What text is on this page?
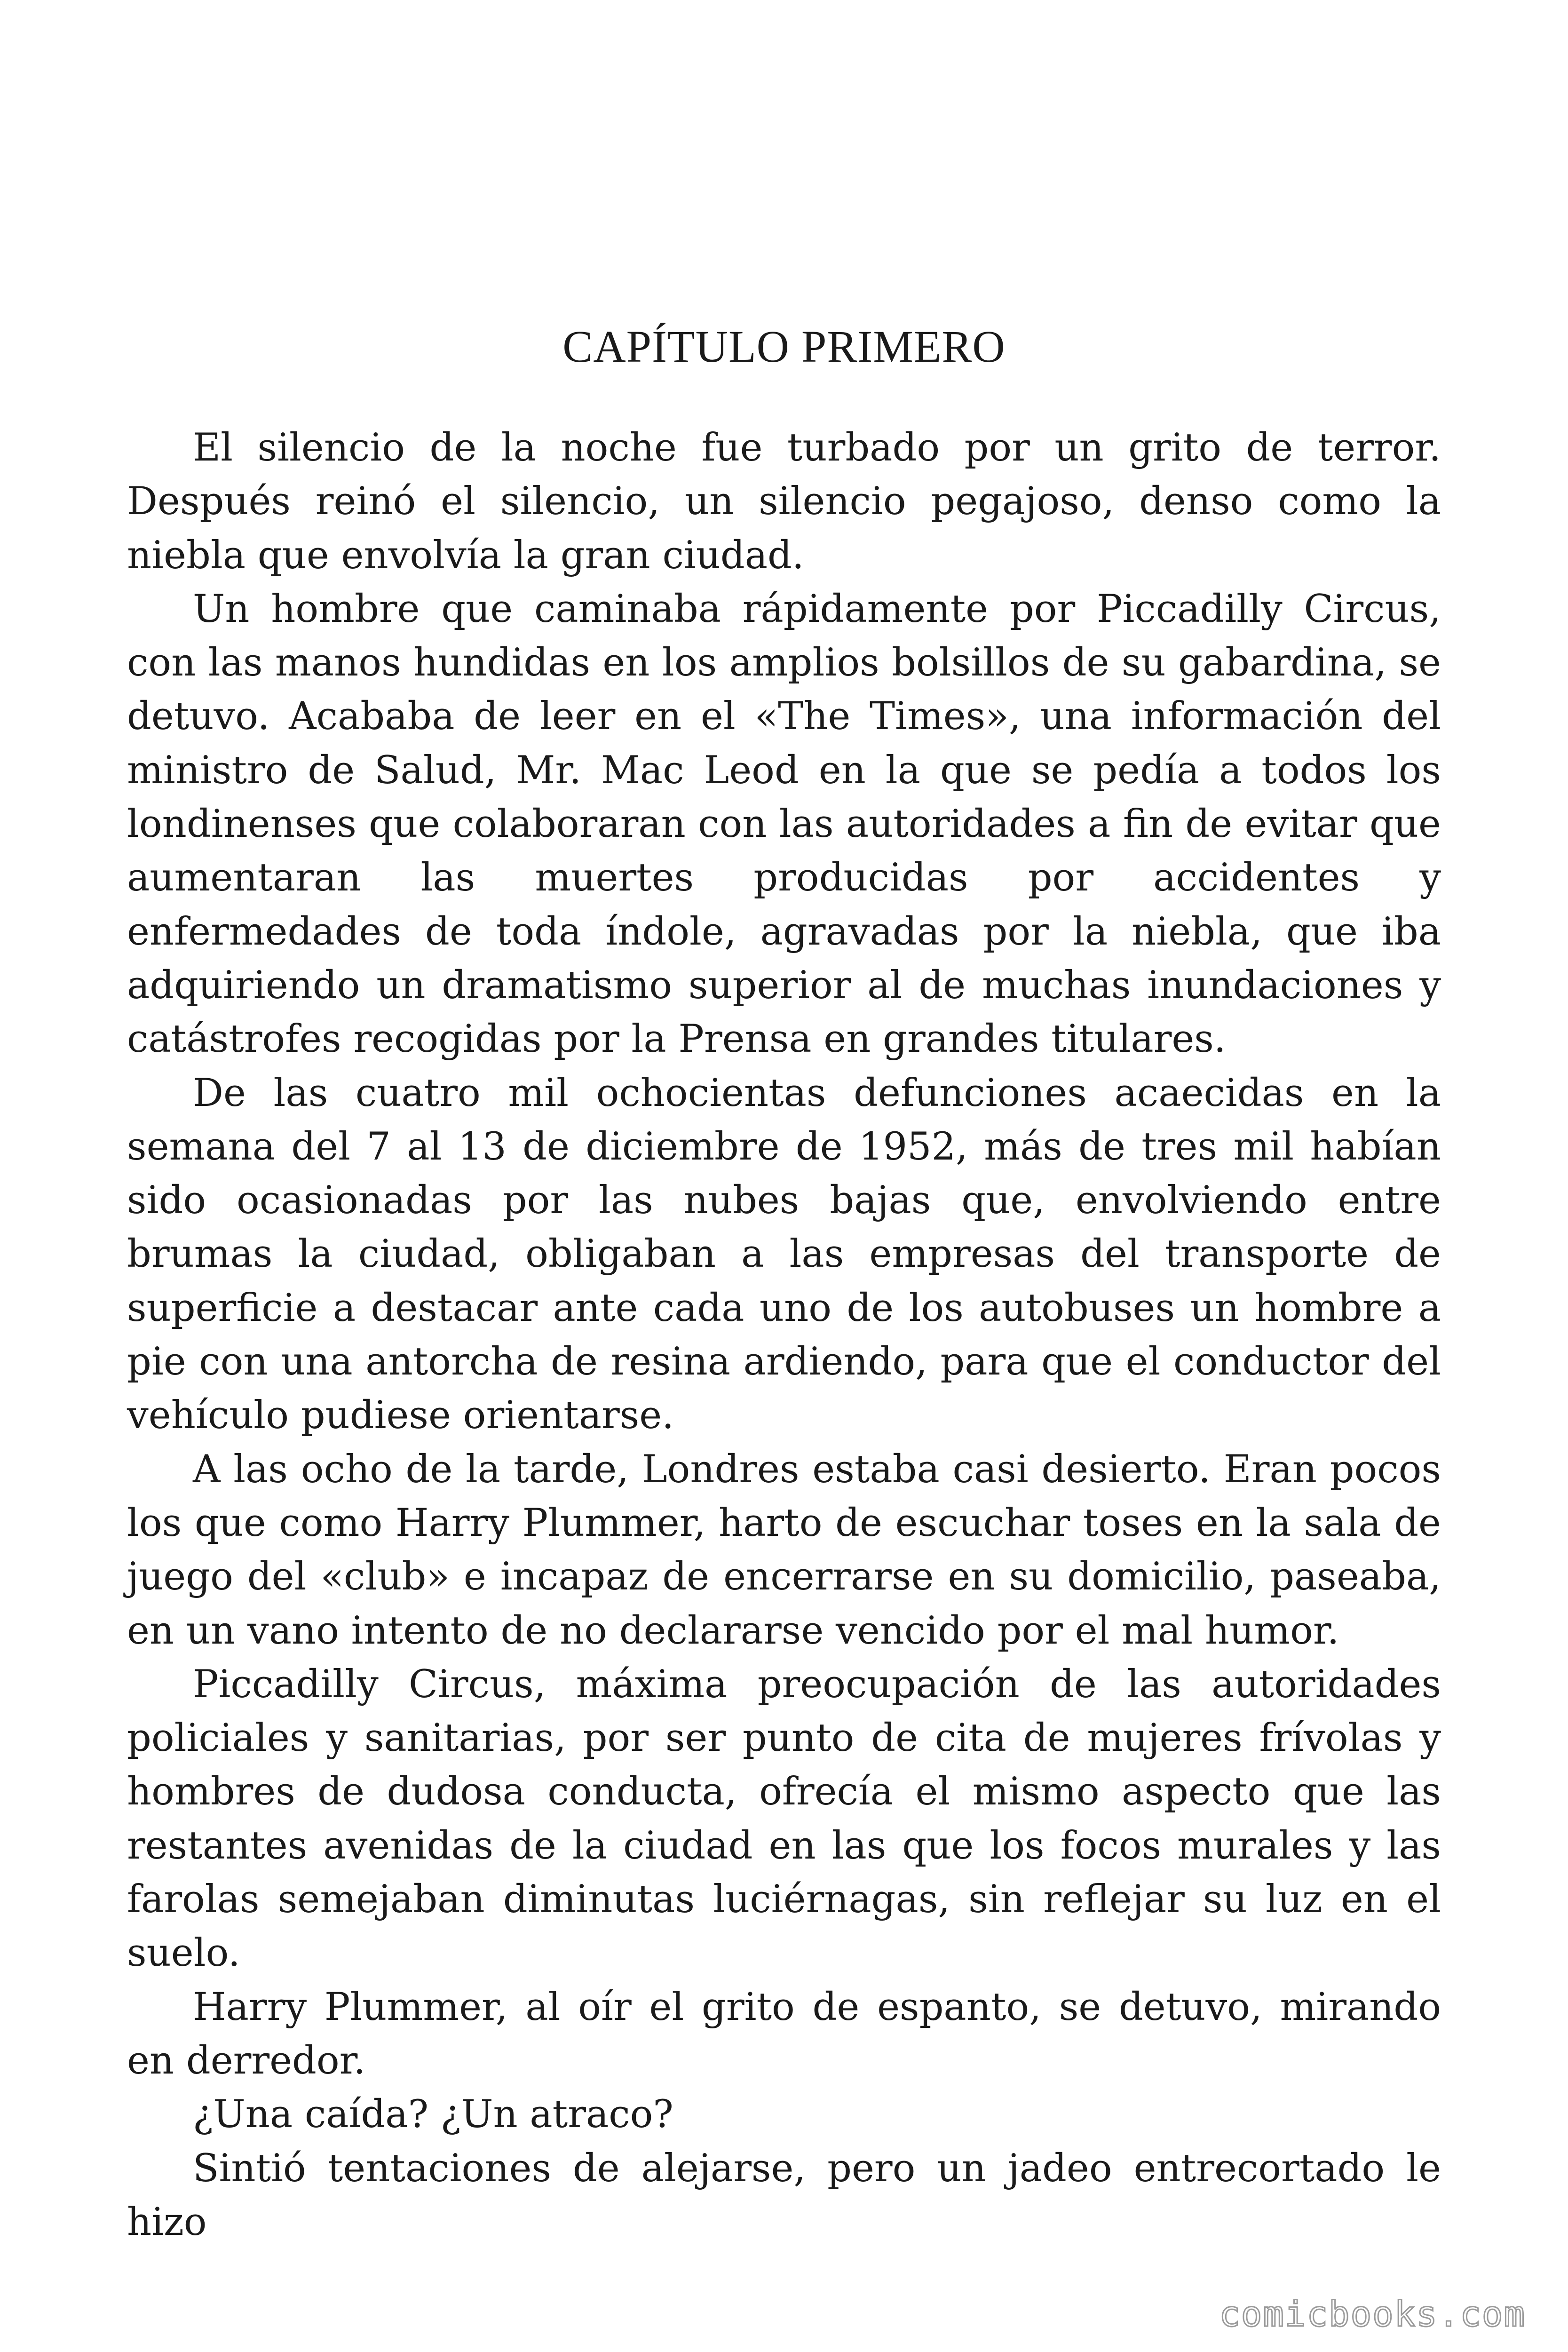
CAPÍTULO PRIMERO

El silencio de la noche fue turbado por un grito de terror. Después reinó el silencio, un silencio pegajoso, denso como la niebla que envolvía la gran ciudad.

Un hombre que caminaba rápidamente por Piccadilly Circus, con las manos hundidas en los amplios bolsillos de su gabardina, se detuvo. Acababa de leer en el «The Times», una información del ministro de Salud, Mr. Mac Leod en la que se pedía a todos los londinenses que colaboraran con las autoridades a fin de evitar que aumentaran las muertes producidas por accidentes y enfermedades de toda índole, agravadas por la niebla, que iba adquiriendo un dramatismo superior al de muchas inundaciones y catástrofes recogidas por la Prensa en grandes titulares.

De las cuatro mil ochocientas defunciones acaecidas en la semana del 7 al 13 de diciembre de 1952, más de tres mil habían sido ocasionadas por las nubes bajas que, envolviendo entre brumas la ciudad, obligaban a las empresas del transporte de superficie a destacar ante cada uno de los autobuses un hombre a pie con una antorcha de resina ardiendo, para que el conductor del vehículo pudiese orientarse.

A las ocho de la tarde, Londres estaba casi desierto. Eran pocos los que como Harry Plummer, harto de escuchar toses en la sala de juego del «club» e incapaz de encerrarse en su domicilio, paseaba, en un vano intento de no declararse vencido por el mal humor.

Piccadilly Circus, máxima preocupación de las autoridades policiales y sanitarias, por ser punto de cita de mujeres frívolas y hombres de dudosa conducta, ofrecía el mismo aspecto que las restantes avenidas de la ciudad en las que los focos murales y las farolas semejaban diminutas luciérnagas, sin reflejar su luz en el suelo.

Harry Plummer, al oír el grito de espanto, se detuvo, mirando en derredor.

¿Una caída? ¿Un atraco?

Sintió tentaciones de alejarse, pero un jadeo entrecortado le hizo

comicbooks.com
